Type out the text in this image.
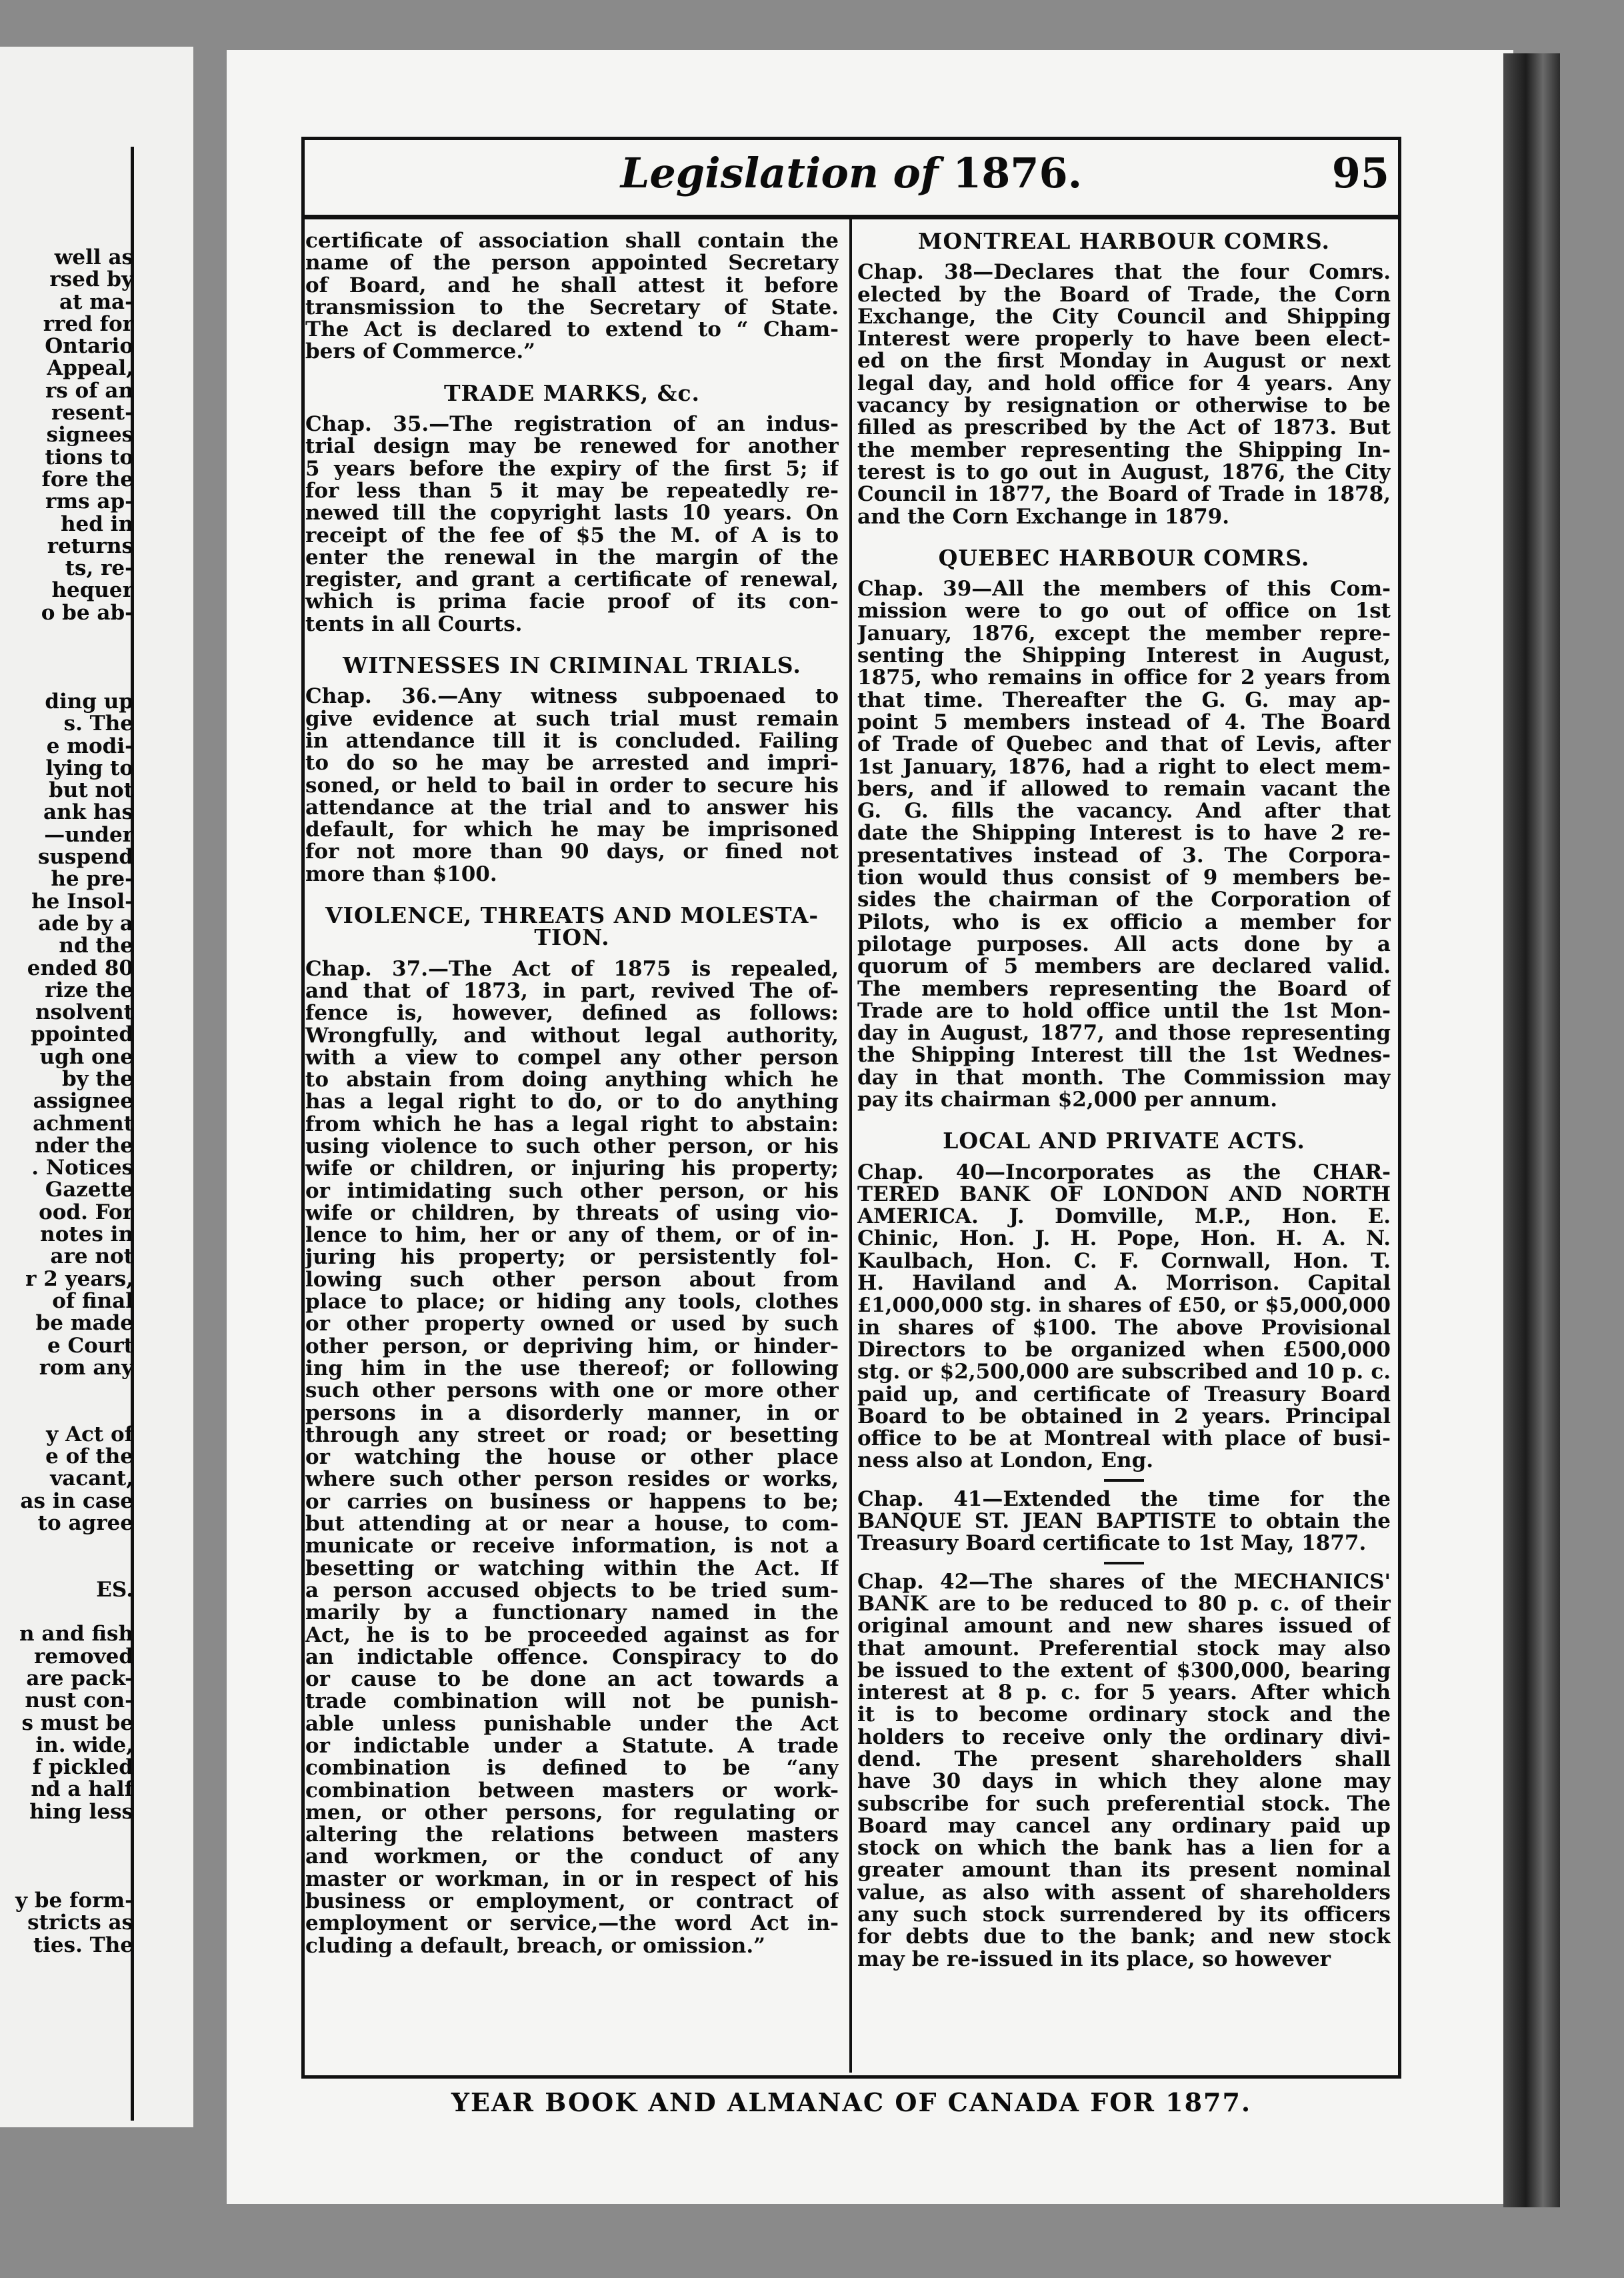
well as
rsed by
at ma-
rred for
Ontario
Appeal,
rs of an
resent-
signees
tions to
fore the
rms ap-
hed in
returns
ts, re-
hequer
o be ab-
ding up
s. The
e modi-
lying to
but not
ank has
—under
suspend
he pre-
he Insol-
ade by a
nd the
ended 80
rize the
nsolvent
ppointed
ugh one
by the
assignee
achment
nder the
. Notices
Gazette
ood. For
notes in
are not
r 2 years,
of final
be made
e Court
rom any
y Act of
e of the
vacant,
as in case
to agree
ES.
n and fish
removed
are pack-
nust con-
s must be
in. wide,
f pickled
nd a half
hing less
y be form-
stricts as
ties. The
Legislation of 1876.	95

certificate of association shall contain the
name of the person appointed Secretary
of Board, and he shall attest it before
transmission to the Secretary of State.
The Act is declared to extend to “ Cham-
bers of Commerce.”

TRADE MARKS, &c.

Chap. 35.—The registration of an indus-
trial design may be renewed for another
5 years before the expiry of the first 5; if
for less than 5 it may be repeatedly re-
newed till the copyright lasts 10 years. On
receipt of the fee of $5 the M. of A is to
enter the renewal in the margin of the
register, and grant a certificate of renewal,
which is prima facie proof of its con-
tents in all Courts.

WITNESSES IN CRIMINAL TRIALS.

Chap. 36.—Any witness subpoenaed to
give evidence at such trial must remain
in attendance till it is concluded. Failing
to do so he may be arrested and impri-
soned, or held to bail in order to secure his
attendance at the trial and to answer his
default, for which he may be imprisoned
for not more than 90 days, or fined not
more than $100.

VIOLENCE, THREATS AND MOLESTA-
TION.

Chap. 37.—The Act of 1875 is repealed,
and that of 1873, in part, revived The of-
fence is, however, defined as follows:
Wrongfully, and without legal authority,
with a view to compel any other person
to abstain from doing anything which he
has a legal right to do, or to do anything
from which he has a legal right to abstain:
using violence to such other person, or his
wife or children, or injuring his property;
or intimidating such other person, or his
wife or children, by threats of using vio-
lence to him, her or any of them, or of in-
juring his property; or persistently fol-
lowing such other person about from
place to place; or hiding any tools, clothes
or other property owned or used by such
other person, or depriving him, or hinder-
ing him in the use thereof; or following
such other persons with one or more other
persons in a disorderly manner, in or
through any street or road; or besetting
or watching the house or other place
where such other person resides or works,
or carries on business or happens to be;
but attending at or near a house, to com-
municate or receive information, is not a
besetting or watching within the Act. If
a person accused objects to be tried sum-
marily by a functionary named in the
Act, he is to be proceeded against as for
an indictable offence. Conspiracy to do
or cause to be done an act towards a
trade combination will not be punish-
able unless punishable under the Act
or indictable under a Statute. A trade
combination is defined to be “any
combination between masters or work-
men, or other persons, for regulating or
altering the relations between masters
and workmen, or the conduct of any
master or workman, in or in respect of his
business or employment, or contract of
employment or service,—the word Act in-
cluding a default, breach, or omission.”

MONTREAL HARBOUR COMRS.

Chap. 38—Declares that the four Comrs.
elected by the Board of Trade, the Corn
Exchange, the City Council and Shipping
Interest were properly to have been elect-
ed on the first Monday in August or next
legal day, and hold office for 4 years. Any
vacancy by resignation or otherwise to be
filled as prescribed by the Act of 1873. But
the member representing the Shipping In-
terest is to go out in August, 1876, the City
Council in 1877, the Board of Trade in 1878,
and the Corn Exchange in 1879.

QUEBEC HARBOUR COMRS.

Chap. 39—All the members of this Com-
mission were to go out of office on 1st
January, 1876, except the member repre-
senting the Shipping Interest in August,
1875, who remains in office for 2 years from
that time. Thereafter the G. G. may ap-
point 5 members instead of 4. The Board
of Trade of Quebec and that of Levis, after
1st January, 1876, had a right to elect mem-
bers, and if allowed to remain vacant the
G. G. fills the vacancy. And after that
date the Shipping Interest is to have 2 re-
presentatives instead of 3. The Corpora-
tion would thus consist of 9 members be-
sides the chairman of the Corporation of
Pilots, who is ex officio a member for
pilotage purposes. All acts done by a
quorum of 5 members are declared valid.
The members representing the Board of
Trade are to hold office until the 1st Mon-
day in August, 1877, and those representing
the Shipping Interest till the 1st Wednes-
day in that month. The Commission may
pay its chairman $2,000 per annum.

LOCAL AND PRIVATE ACTS.

Chap. 40—Incorporates as the CHAR-
TERED BANK OF LONDON AND NORTH
AMERICA. J. Domville, M.P., Hon. E.
Chinic, Hon. J. H. Pope, Hon. H. A. N.
Kaulbach, Hon. C. F. Cornwall, Hon. T.
H. Haviland and A. Morrison. Capital
£1,000,000 stg. in shares of £50, or $5,000,000
in shares of $100. The above Provisional
Directors to be organized when £500,000
stg. or $2,500,000 are subscribed and 10 p. c.
paid up, and certificate of Treasury Board
Board to be obtained in 2 years. Principal
office to be at Montreal with place of busi-
ness also at London, Eng.

Chap. 41—Extended the time for the
BANQUE ST. JEAN BAPTISTE to obtain the
Treasury Board certificate to 1st May, 1877.

Chap. 42—The shares of the MECHANICS'
BANK are to be reduced to 80 p. c. of their
original amount and new shares issued of
that amount. Preferential stock may also
be issued to the extent of $300,000, bearing
interest at 8 p. c. for 5 years. After which
it is to become ordinary stock and the
holders to receive only the ordinary divi-
dend. The present shareholders shall
have 30 days in which they alone may
subscribe for such preferential stock. The
Board may cancel any ordinary paid up
stock on which the bank has a lien for a
greater amount than its present nominal
value, as also with assent of shareholders
any such stock surrendered by its officers
for debts due to the bank; and new stock
may be re-issued in its place, so however

YEAR BOOK AND ALMANAC OF CANADA FOR 1877.
